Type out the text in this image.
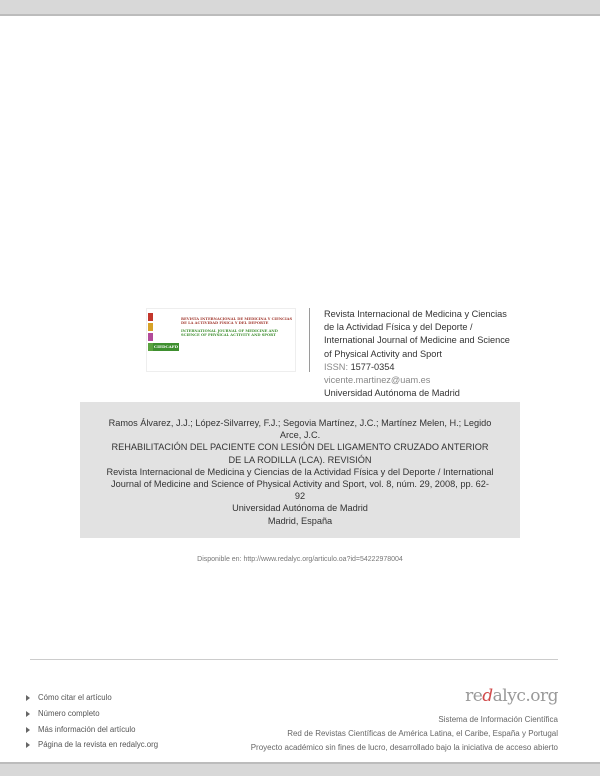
CIEDCAFD
REVISTA INTERNACIONAL DE MEDICINA Y CIENCIAS DE LA ACTIVIDAD FÍSICA Y DEL DEPORTE
INTERNATIONAL JOURNAL OF MEDICINE AND SCIENCE OF PHYSICAL ACTIVITY AND SPORT
Revista Internacional de Medicina y Ciencias
de la Actividad Física y del Deporte /
International Journal of Medicine and Science
of Physical Activity and Sport
ISSN: 1577-0354
vicente.martinez@uam.es
Universidad Autónoma de Madrid
Ramos Álvarez, J.J.; López-Silvarrey, F.J.; Segovia Martínez, J.C.; Martínez Melen, H.; Legido Arce, J.C.
REHABILITACIÓN DEL PACIENTE CON LESIÓN DEL LIGAMENTO CRUZADO ANTERIOR DE LA RODILLA (LCA). REVISIÓN
Revista Internacional de Medicina y Ciencias de la Actividad Física y del Deporte / International Journal of Medicine and Science of Physical Activity and Sport, vol. 8, núm. 29, 2008, pp. 62-92
Universidad Autónoma de Madrid
Madrid, España
Disponible en: http://www.redalyc.org/articulo.oa?id=54222978004
Cómo citar el artículo
Número completo
Más información del artículo
Página de la revista en redalyc.org
redalyc.org
Sistema de Información Científica
Red de Revistas Científicas de América Latina, el Caribe, España y Portugal
Proyecto académico sin fines de lucro, desarrollado bajo la iniciativa de acceso abierto
